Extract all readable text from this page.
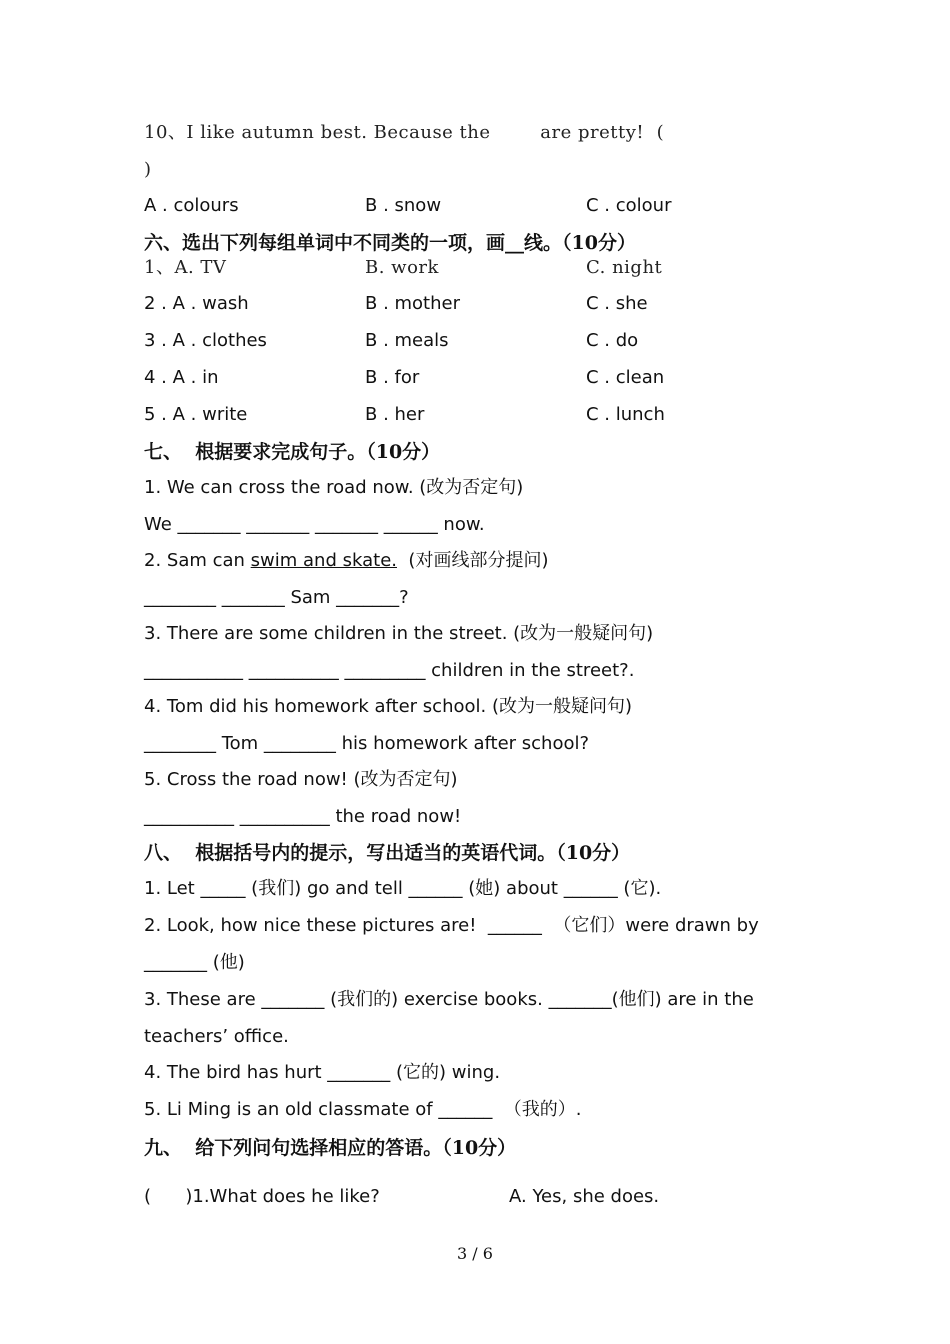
10、I like autumn best. Because the        are pretty!  (
)
A . colours	B . snow	C . colour
六、选出下列每组单词中不同类的一项，画__线。（10分）
1、A. TV	B. work	C. night
2 . A . wash	B . mother	C . she
3 . A . clothes	B . meals	C . do
4 . A . in	B . for	C . clean
5 . A . write	B . her	C . lunch
七、  根据要求完成句子。（10分）
1. We can cross the road now. (改为否定句)
We _______ _______ _______ ______ now.
2. Sam can swim and skate.  (对画线部分提问)
________ _______ Sam _______?
3. There are some children in the street. (改为一般疑问句)
___________ __________ _________ children in the street?.
4. Tom did his homework after school. (改为一般疑问句)
________ Tom ________ his homework after school?
5. Cross the road now! (改为否定句)
__________ __________ the road now!
八、  根据括号内的提示，写出适当的英语代词。（10分）
1. Let _____ (我们) go and tell ______ (她) about ______ (它).
2. Look, how nice these pictures are!  ______  （它们）were drawn by
_______ (他)
3. These are _______ (我们的) exercise books. _______(他们) are in the
teachers’ office.
4. The bird has hurt _______ (它的) wing.
5. Li Ming is an old classmate of ______  （我的）.
九、  给下列问句选择相应的答语。（10分）
(      )1.What does he like?	A. Yes, she does.
3 / 6
